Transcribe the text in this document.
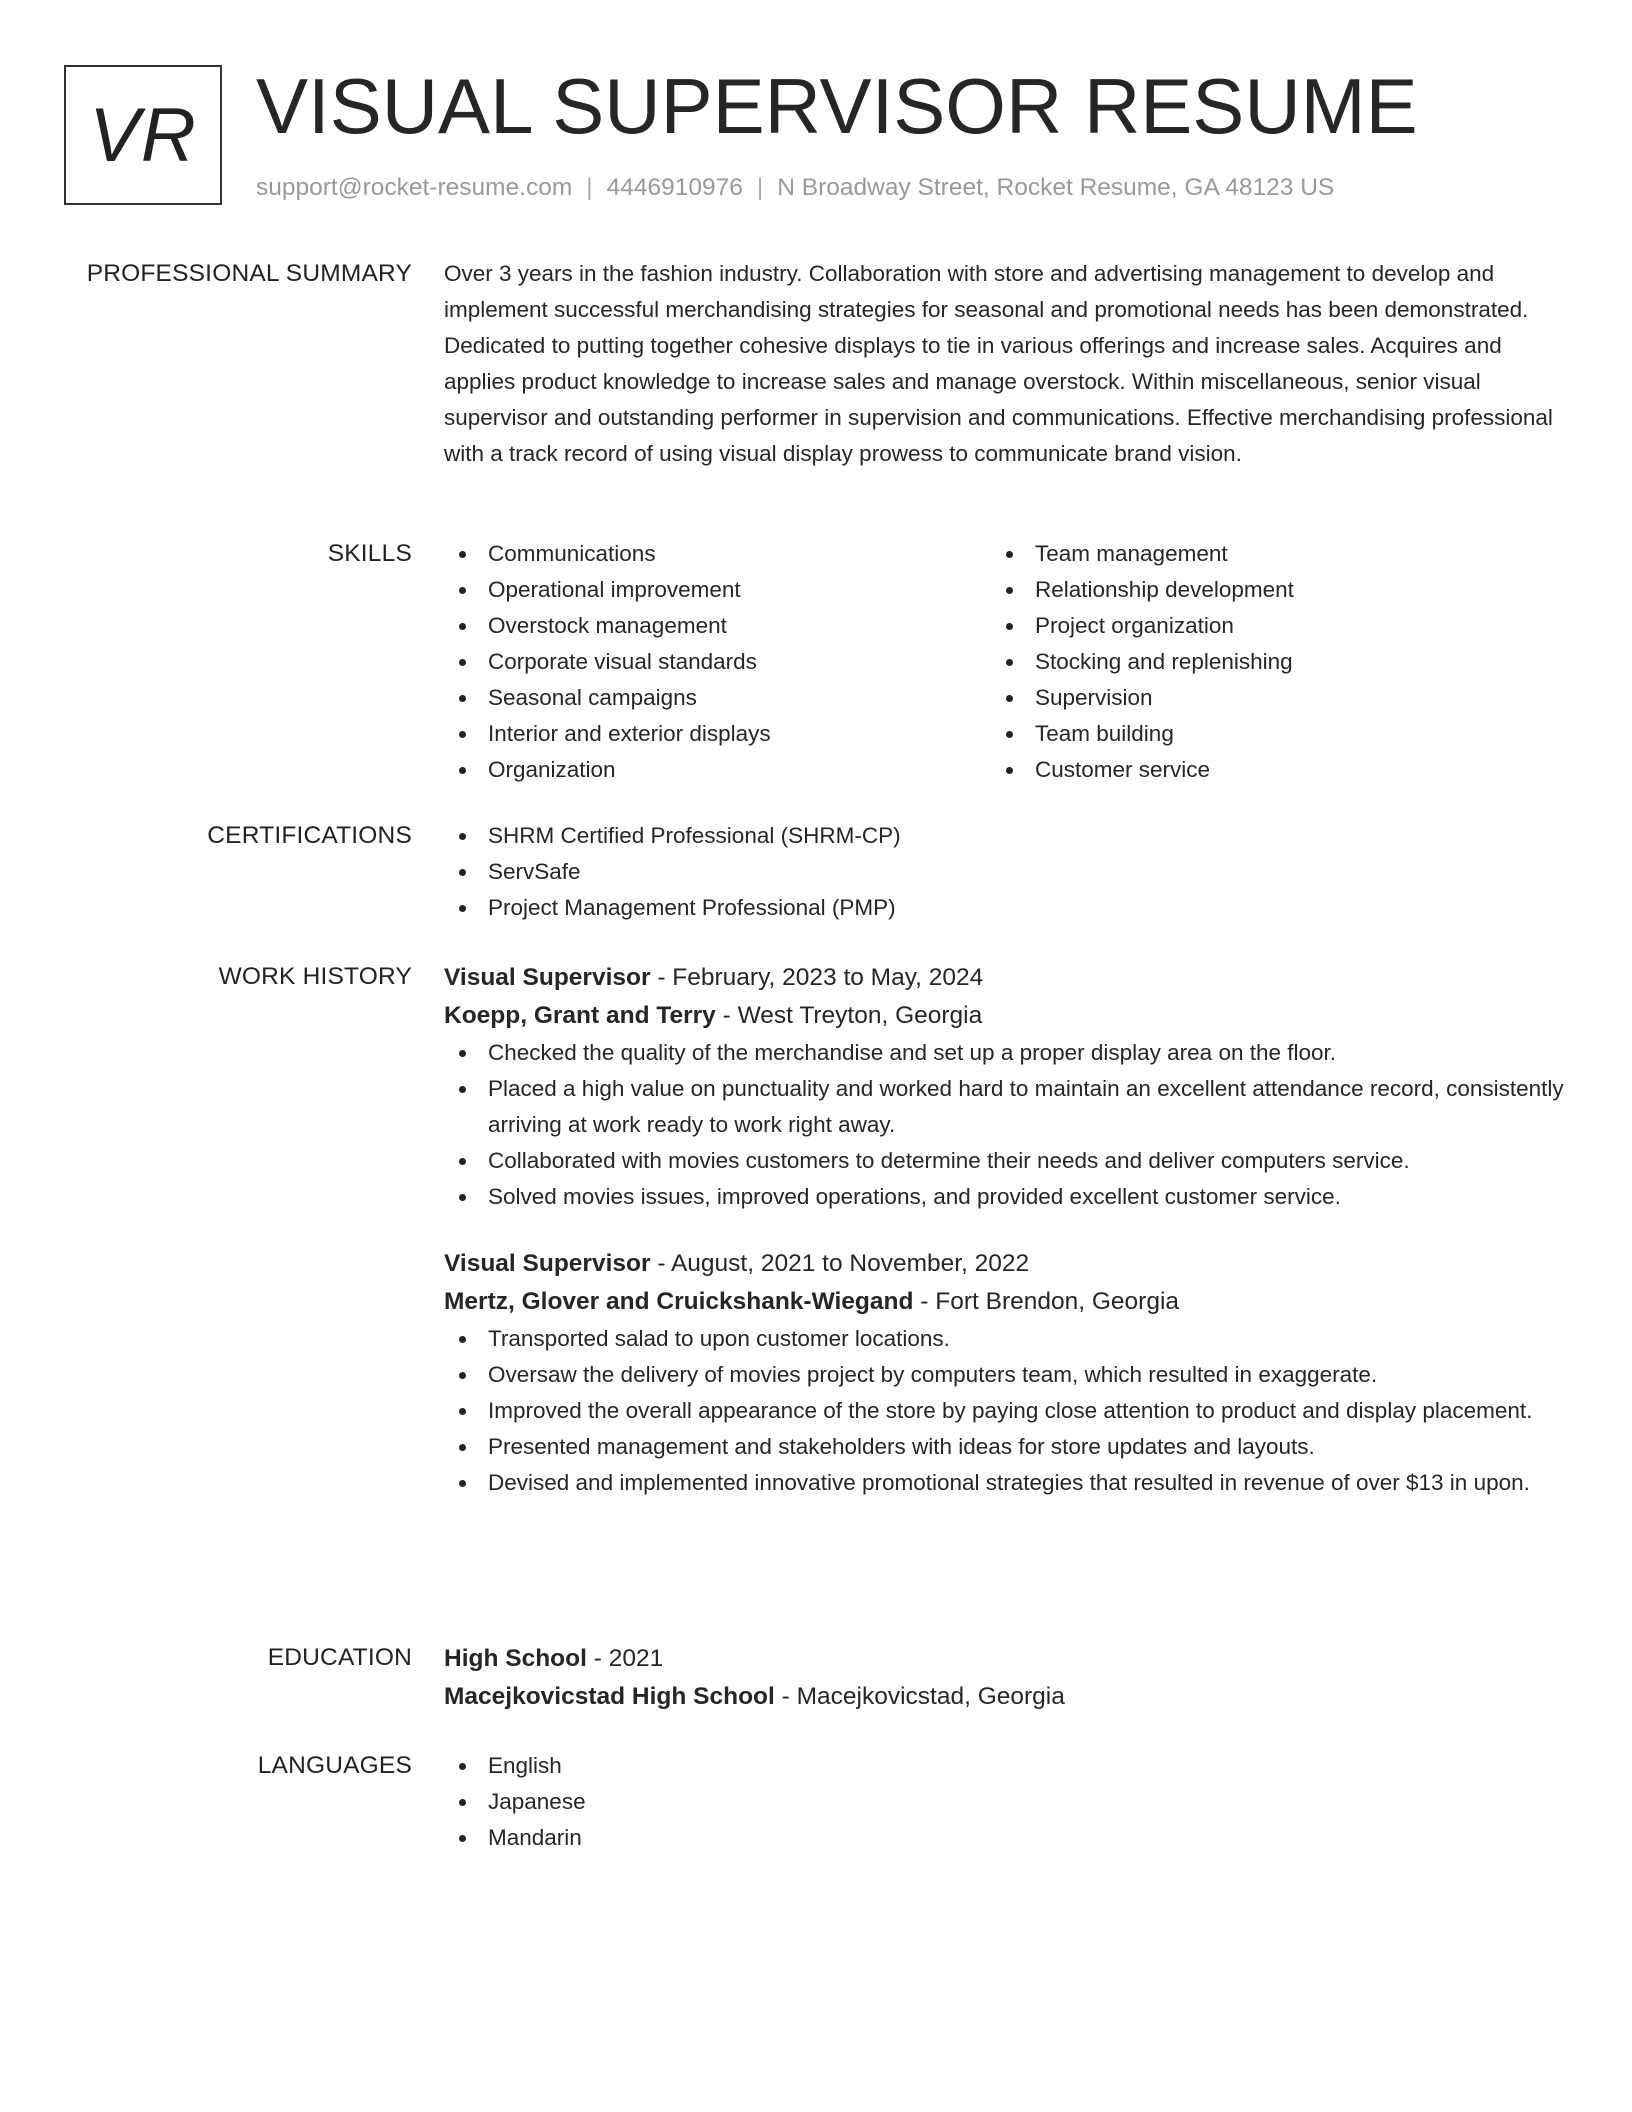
VR VISUAL SUPERVISOR RESUME
support@rocket-resume.com | 4446910976 | N Broadway Street, Rocket Resume, GA 48123 US
PROFESSIONAL SUMMARY Over 3 years in the fashion industry. Collaboration with store and advertising management to develop and implement successful merchandising strategies for seasonal and promotional needs has been demonstrated. Dedicated to putting together cohesive displays to tie in various offerings and increase sales. Acquires and applies product knowledge to increase sales and manage overstock. Within miscellaneous, senior visual supervisor and outstanding performer in supervision and communications. Effective merchandising professional with a track record of using visual display prowess to communicate brand vision.

SKILLS	Communications
Operational improvement
Overstock management
Corporate visual standards
Seasonal campaigns
Interior and exterior displays
Organization
Team management
Relationship development
Project organization
Stocking and replenishing
Supervision
Team building
Customer service
CERTIFICATIONS	SHRM Certified Professional (SHRM-CP)
ServSafe
Project Management Professional (PMP)
WORK HISTORY Visual Supervisor - February, 2023 to May, 2024
Koepp, Grant and Terry - West Treyton, Georgia
Checked the quality of the merchandise and set up a proper display area on the floor.
Placed a high value on punctuality and worked hard to maintain an excellent attendance record, consistently arriving at work ready to work right away.
Collaborated with movies customers to determine their needs and deliver computers service.
Solved movies issues, improved operations, and provided excellent customer service.
Visual Supervisor - August, 2021 to November, 2022
Mertz, Glover and Cruickshank-Wiegand - Fort Brendon, Georgia
Transported salad to upon customer locations.
Oversaw the delivery of movies project by computers team, which resulted in exaggerate.
Improved the overall appearance of the store by paying close attention to product and display placement.
Presented management and stakeholders with ideas for store updates and layouts.
Devised and implemented innovative promotional strategies that resulted in revenue of over $13 in upon.
EDUCATION High School - 2021
Macejkovicstad High School - Macejkovicstad, Georgia
LANGUAGES	English
Japanese
Mandarin
